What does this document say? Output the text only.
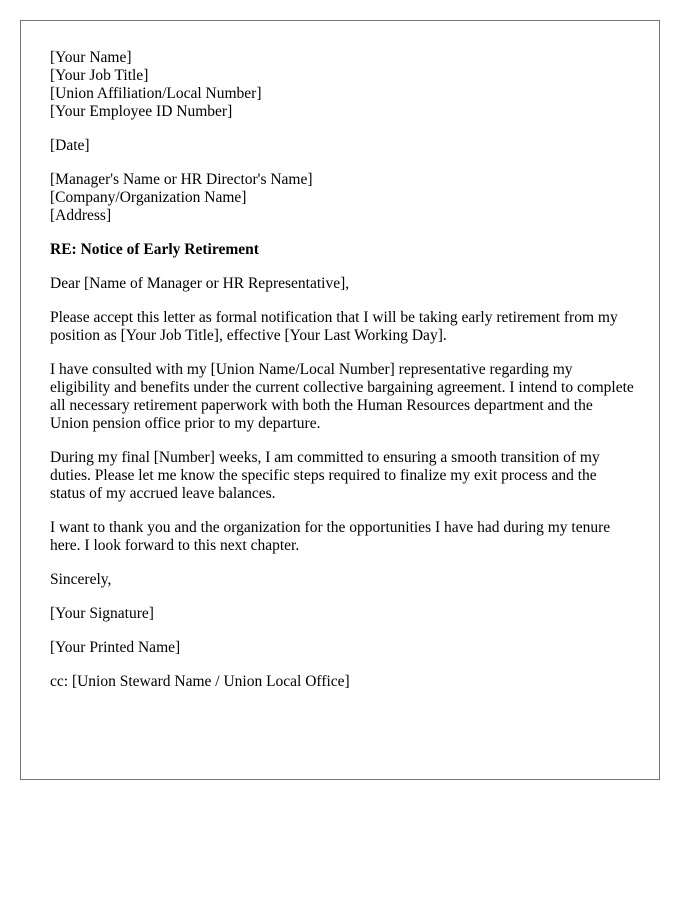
[Your Name]
[Your Job Title]
[Union Affiliation/Local Number]
[Your Employee ID Number]
[Date]
[Manager's Name or HR Director's Name]
[Company/Organization Name]
[Address]
RE: Notice of Early Retirement
Dear [Name of Manager or HR Representative],

Please accept this letter as formal notification that I will be taking early retirement from my position as [Your Job Title], effective [Your Last Working Day].

I have consulted with my [Union Name/Local Number] representative regarding my eligibility and benefits under the current collective bargaining agreement. I intend to complete all necessary retirement paperwork with both the Human Resources department and the Union pension office prior to my departure.

During my final [Number] weeks, I am committed to ensuring a smooth transition of my duties. Please let me know the specific steps required to finalize my exit process and the status of my accrued leave balances.

I want to thank you and the organization for the opportunities I have had during my tenure here. I look forward to this next chapter.

Sincerely,
[Your Signature]
[Your Printed Name]
cc: [Union Steward Name / Union Local Office]
